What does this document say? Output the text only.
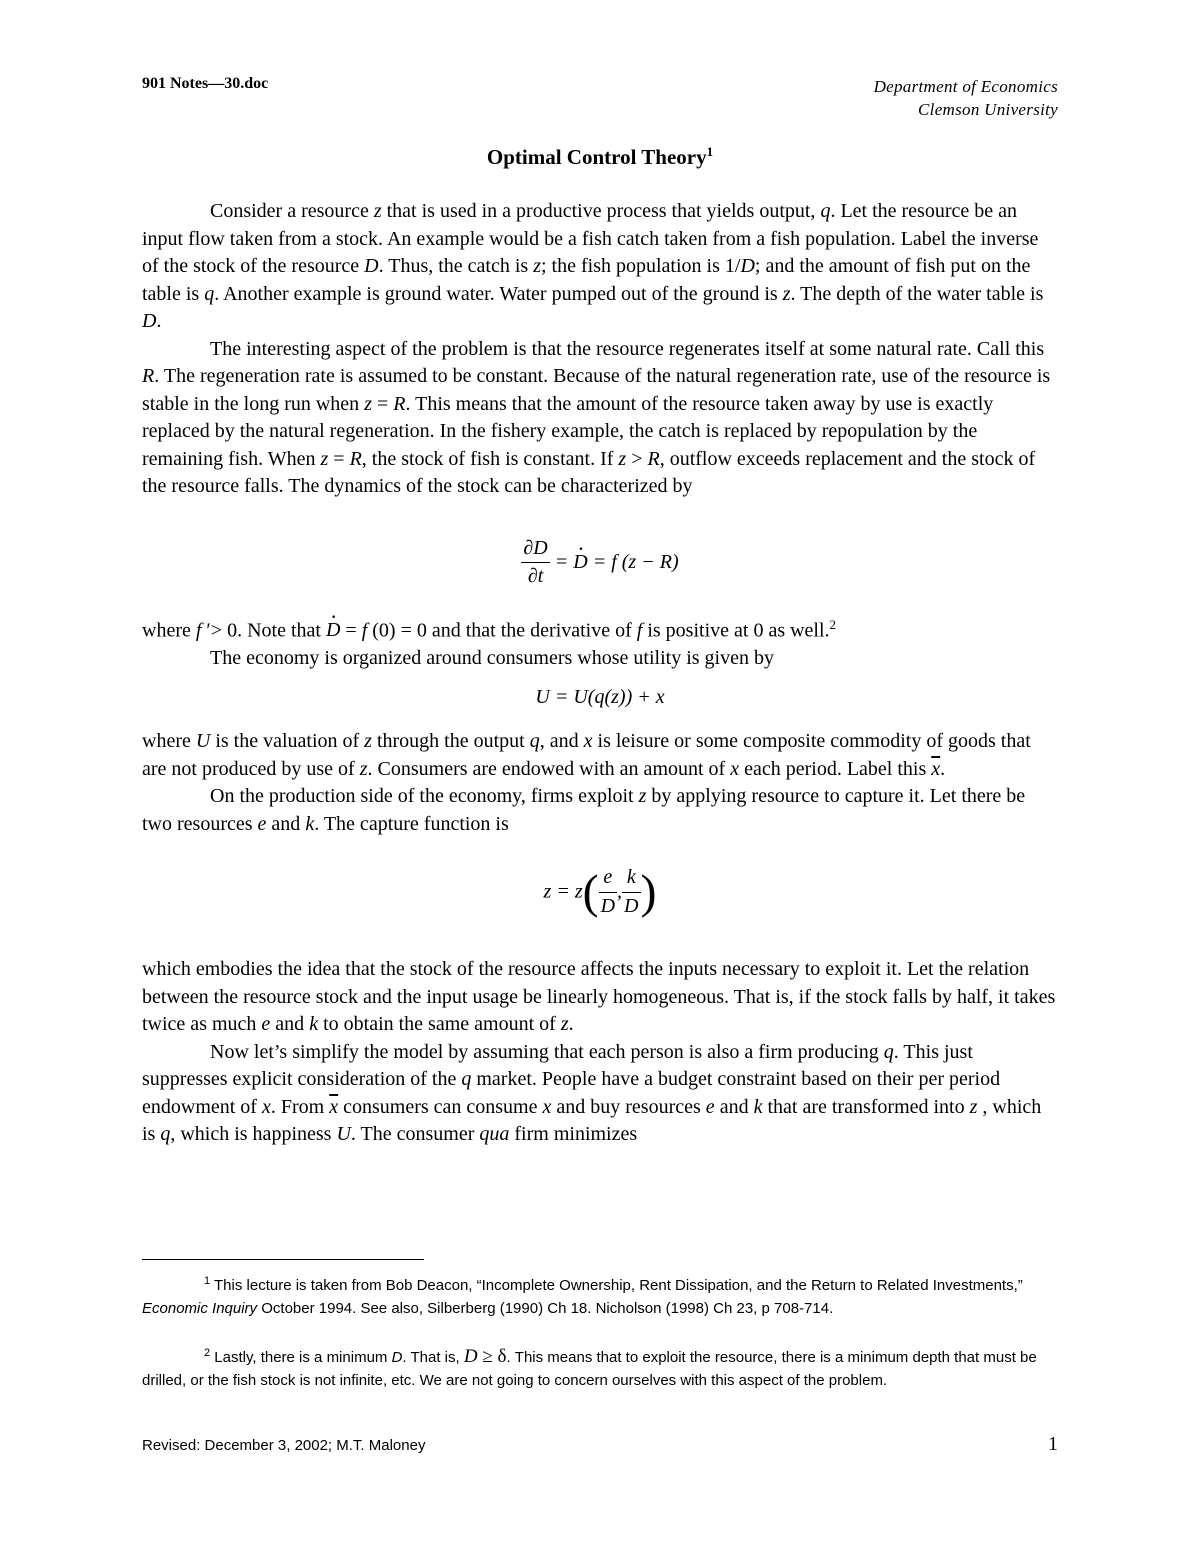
901 Notes—30.doc	Department of Economics
Clemson University
Optimal Control Theory$^1$

Consider a resource z that is used in a productive process that yields output, q. Let the resource be an input flow taken from a stock. An example would be a fish catch taken from a fish population. Label the inverse of the stock of the resource D. Thus, the catch is z; the fish population is 1/D; and the amount of fish put on the table is q. Another example is ground water. Water pumped out of the ground is z. The depth of the water table is D.

The interesting aspect of the problem is that the resource regenerates itself at some natural rate. Call this R. The regeneration rate is assumed to be constant. Because of the natural regeneration rate, use of the resource is stable in the long run when z = R. This means that the amount of the resource taken away by use is exactly replaced by the natural regeneration. In the fishery example, the catch is replaced by repopulation by the remaining fish. When z = R, the stock of fish is constant. If z > R, outflow exceeds replacement and the stock of the resource falls. The dynamics of the stock can be characterized by

$\frac{\partial D}{\partial t}$ = · D = f (z − R)

where f ′> 0. Note that · D = f (0) = 0 and that the derivative of f is positive at 0 as well.$^2$

The economy is organized around consumers whose utility is given by

U = U(q(z)) + x

where U is the valuation of z through the output q, and x is leisure or some composite commodity of goods that are not produced by use of z. Consumers are endowed with an amount of x each period. Label this $\overline{x}$.

On the production side of the economy, firms exploit z by applying resource to capture it. Let there be two resources e and k. The capture function is

$z = z( \frac{e}{D}$ , $\frac{k}{D}$ )

which embodies the idea that the stock of the resource affects the inputs necessary to exploit it. Let the relation between the resource stock and the input usage be linearly homogeneous. That is, if the stock falls by half, it takes twice as much e and k to obtain the same amount of z.

Now let’s simplify the model by assuming that each person is also a firm producing q. This just suppresses explicit consideration of the q market. People have a budget constraint based on their per period endowment of x. From $\overline{x}$ consumers can consume x and buy resources e and k that are transformed into z , which is q, which is happiness U. The consumer qua firm minimizes

$^1$ This lecture is taken from Bob Deacon, “Incomplete Ownership, Rent Dissipation, and the Return to Related Investments,” Economic Inquiry October 1994. See also, Silberberg (1990) Ch 18. Nicholson (1998) Ch 23, p 708-714.
$^2$ Lastly, there is a minimum D. That is, D ≥ δ. This means that to exploit the resource, there is a minimum depth that must be drilled, or the fish stock is not infinite, etc. We are not going to concern ourselves with this aspect of the problem.
Revised: December 3, 2002; M.T. Maloney	1
